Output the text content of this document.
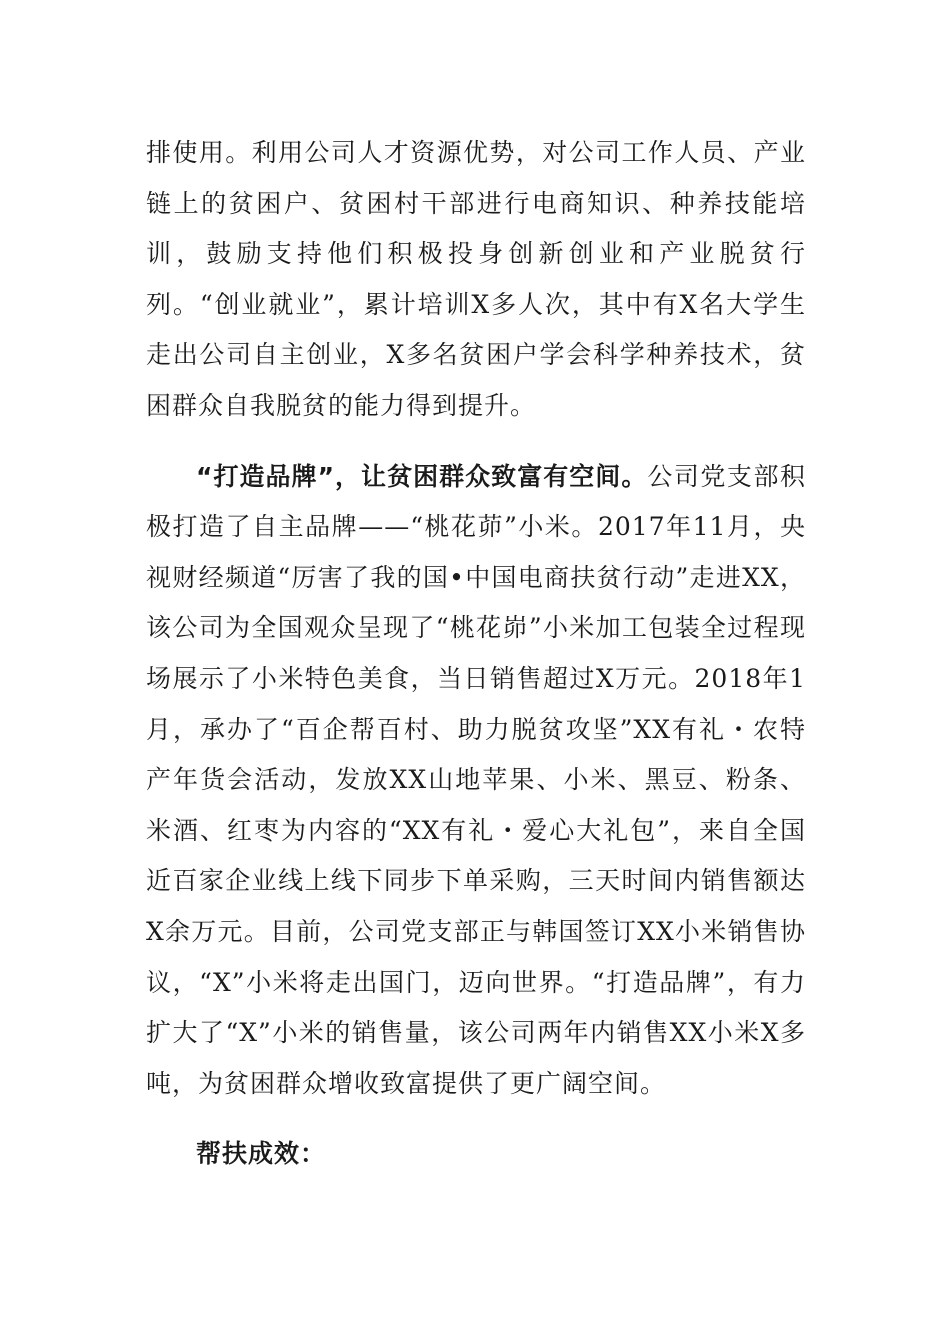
排使用。利用公司人才资源优势，对公司工作人员、产业链上的贫困户、贫困村干部进行电商知识、种养技能培训，鼓励支持他们积极投身创新创业和产业脱贫行列。“创业就业”，累计培训X多人次，其中有X名大学生走出公司自主创业，X多名贫困户学会科学种养技术，贫困群众自我脱贫的能力得到提升。

“打造品牌”，让贫困群众致富有空间。公司党支部积极打造了自主品牌——“桃花茆”小米。2017年11月，央视财经频道“厉害了我的国•中国电商扶贫行动”走进XX，该公司为全国观众呈现了“桃花峁”小米加工包装全过程现场展示了小米特色美食，当日销售超过X万元。2018年1月，承办了“百企帮百村、助力脱贫攻坚”XX有礼・农特产年货会活动，发放XX山地苹果、小米、黑豆、粉条、米酒、红枣为内容的“XX有礼・爱心大礼包”，来自全国近百家企业线上线下同步下单采购，三天时间内销售额达X余万元。目前，公司党支部正与韩国签订XX小米销售协议，“X”小米将走出国门，迈向世界。“打造品牌”，有力扩大了“X”小米的销售量，该公司两年内销售XX小米X多吨，为贫困群众增收致富提供了更广阔空间。

帮扶成效：
